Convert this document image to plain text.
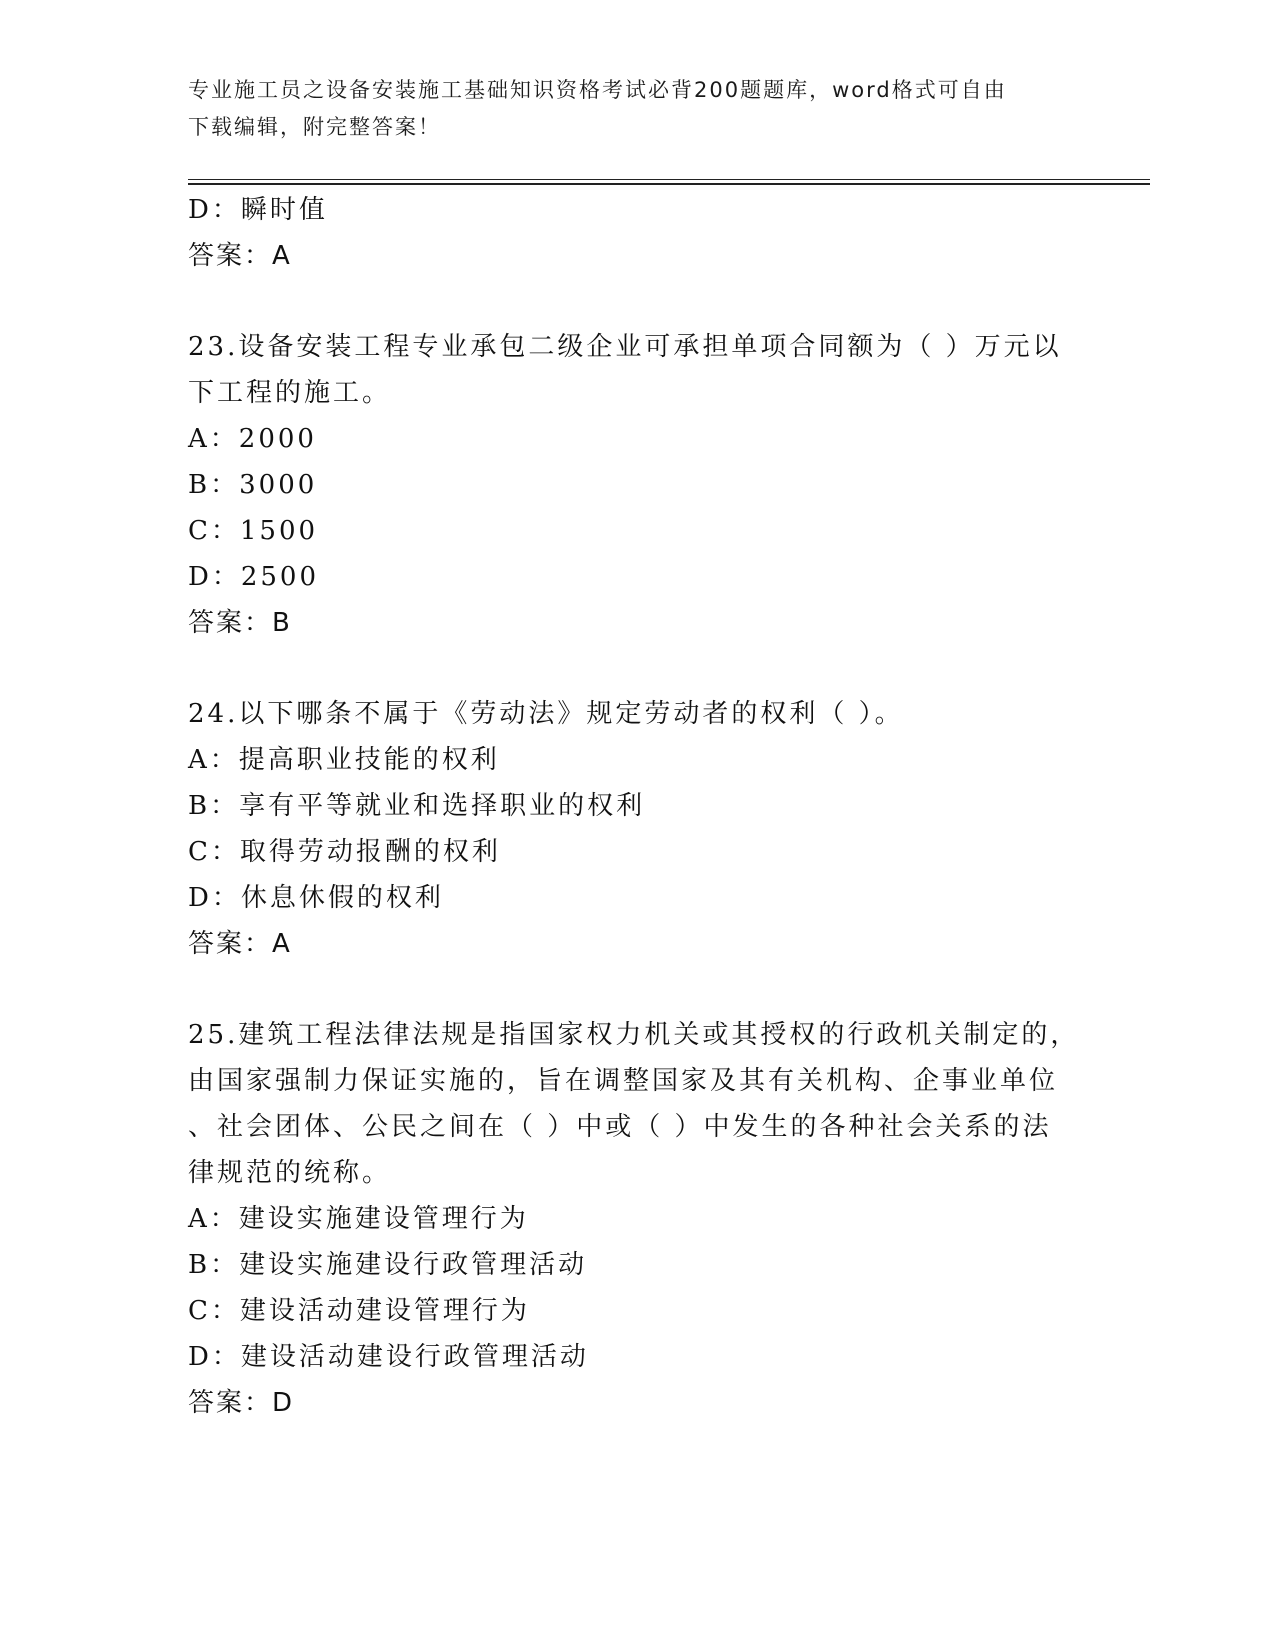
专业施工员之设备安装施工基础知识资格考试必背200题题库，word格式可自由
下载编辑，附完整答案！
D：瞬时值
答案：A
23.设备安装工程专业承包二级企业可承担单项合同额为（ ）万元以
下工程的施工。
A：2000
B：3000
C：1500
D：2500
答案：B
24.以下哪条不属于《劳动法》规定劳动者的权利（ ）。
A：提高职业技能的权利
B：享有平等就业和选择职业的权利
C：取得劳动报酬的权利
D：休息休假的权利
答案：A
25.建筑工程法律法规是指国家权力机关或其授权的行政机关制定的，
由国家强制力保证实施的，旨在调整国家及其有关机构、企事业单位
、社会团体、公民之间在（ ）中或（ ）中发生的各种社会关系的法
律规范的统称。
A：建设实施建设管理行为
B：建设实施建设行政管理活动
C：建设活动建设管理行为
D：建设活动建设行政管理活动
答案：D
